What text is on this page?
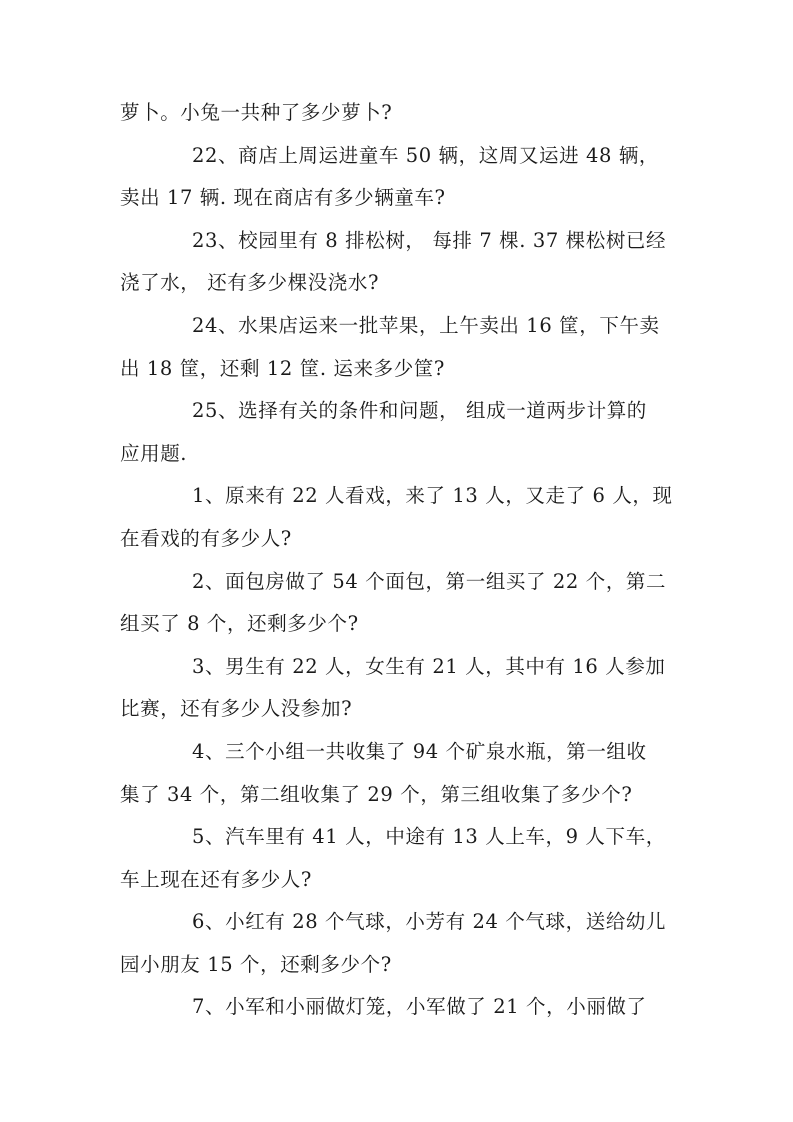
萝卜。小兔一共种了多少萝卜?
22、商店上周运进童车 50 辆，这周又运进 48 辆，
卖出 17 辆. 现在商店有多少辆童车?
23、校园里有 8 排松树， 每排 7 棵. 37 棵松树已经
浇了水， 还有多少棵没浇水?
24、水果店运来一批苹果，上午卖出 16 筐，下午卖
出 18 筐，还剩 12 筐. 运来多少筐?
25、选择有关的条件和问题， 组成一道两步计算的
应用题.
1、原来有 22 人看戏，来了 13 人，又走了 6 人，现
在看戏的有多少人?
2、面包房做了 54 个面包，第一组买了 22 个，第二
组买了 8 个，还剩多少个?
3、男生有 22 人，女生有 21 人，其中有 16 人参加
比赛，还有多少人没参加?
4、三个小组一共收集了 94 个矿泉水瓶，第一组收
集了 34 个，第二组收集了 29 个，第三组收集了多少个?
5、汽车里有 41 人，中途有 13 人上车，9 人下车，
车上现在还有多少人?
6、小红有 28 个气球，小芳有 24 个气球，送给幼儿
园小朋友 15 个，还剩多少个?
7、小军和小丽做灯笼，小军做了 21 个，小丽做了
